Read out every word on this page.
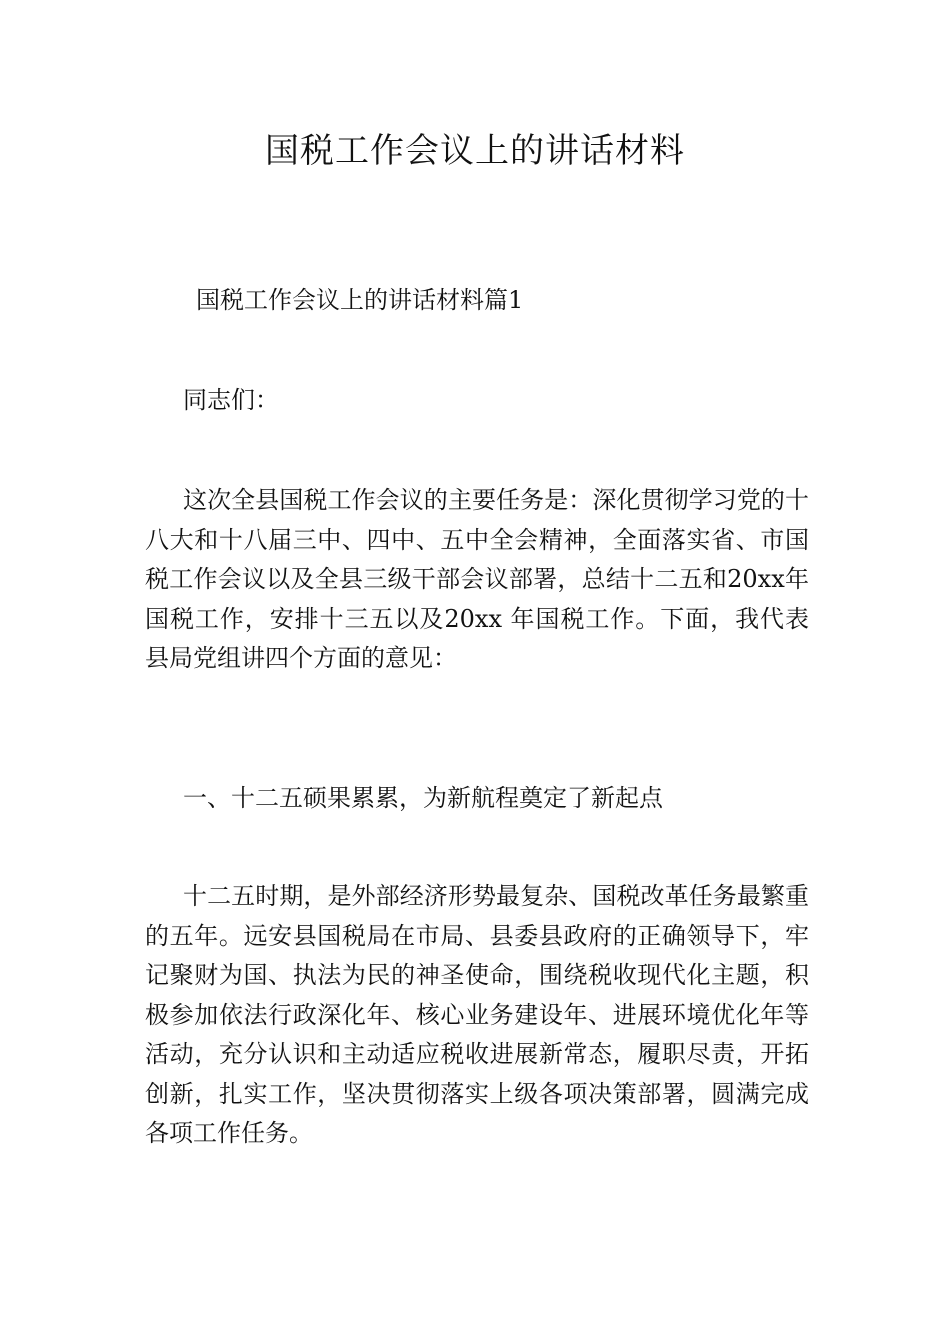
国税工作会议上的讲话材料

国税工作会议上的讲话材料篇1

同志们：

这次全县国税工作会议的主要任务是：深化贯彻学习党的十八大和十八届三中、四中、五中全会精神，全面落实省、市国税工作会议以及全县三级干部会议部署，总结十二五和20xx年国税工作，安排十三五以及20xx 年国税工作。下面，我代表县局党组讲四个方面的意见：

一、十二五硕果累累，为新航程奠定了新起点

十二五时期，是外部经济形势最复杂、国税改革任务最繁重的五年。远安县国税局在市局、县委县政府的正确领导下，牢记聚财为国、执法为民的神圣使命，围绕税收现代化主题，积极参加依法行政深化年、核心业务建设年、进展环境优化年等活动，充分认识和主动适应税收进展新常态，履职尽责，开拓创新，扎实工作，坚决贯彻落实上级各项决策部署，圆满完成各项工作任务。
